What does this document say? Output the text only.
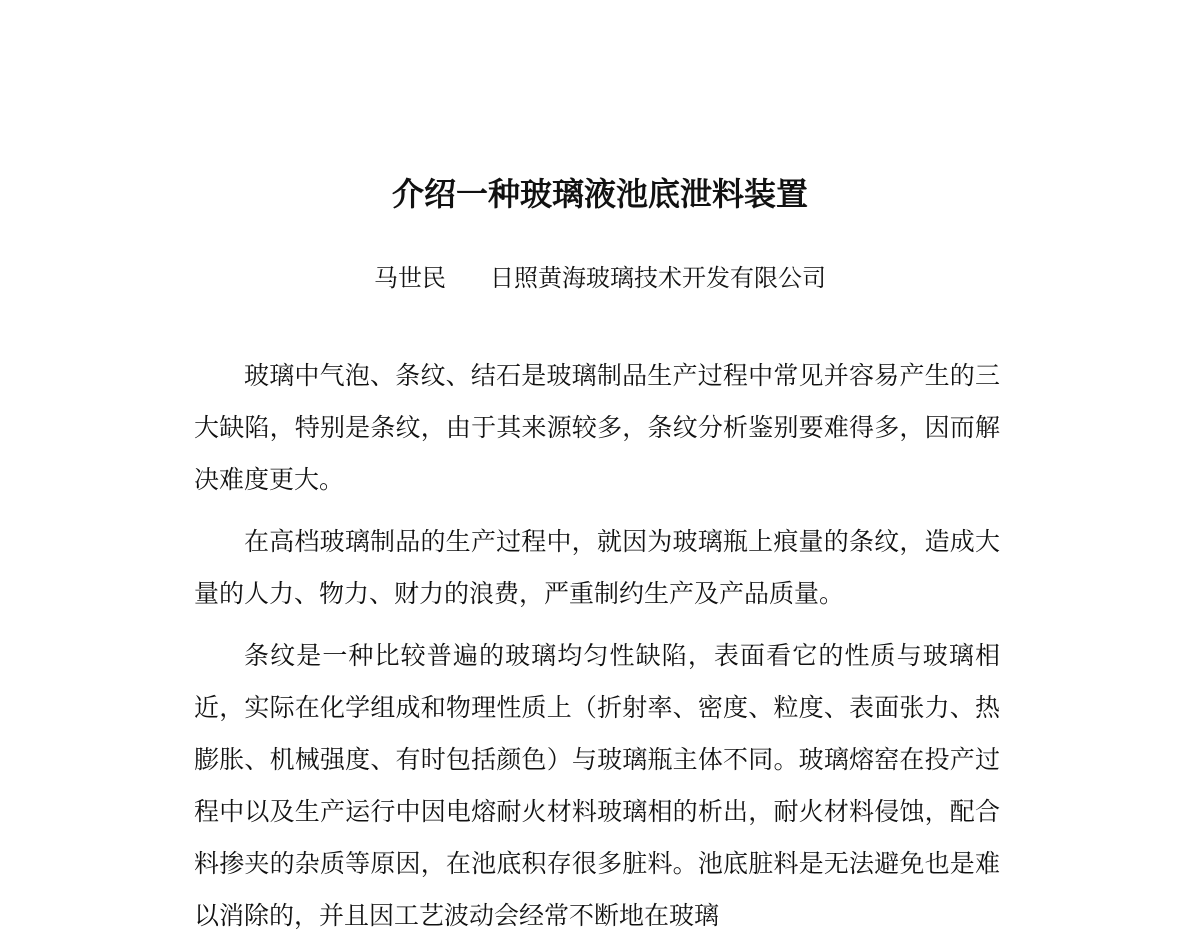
介绍一种玻璃液池底泄料装置
马世民 日照黄海玻璃技术开发有限公司

玻璃中气泡、条纹、结石是玻璃制品生产过程中常见并容易产生的三大缺陷，特别是条纹，由于其来源较多，条纹分析鉴别要难得多，因而解决难度更大。

在高档玻璃制品的生产过程中，就因为玻璃瓶上痕量的条纹，造成大量的人力、物力、财力的浪费，严重制约生产及产品质量。

条纹是一种比较普遍的玻璃均匀性缺陷，表面看它的性质与玻璃相近，实际在化学组成和物理性质上（折射率、密度、粒度、表面张力、热膨胀、机械强度、有时包括颜色）与玻璃瓶主体不同。玻璃熔窑在投产过程中以及生产运行中因电熔耐火材料玻璃相的析出，耐火材料侵蚀，配合料掺夹的杂质等原因，在池底积存很多脏料。池底脏料是无法避免也是难以消除的，并且因工艺波动会经常不断地在玻璃
